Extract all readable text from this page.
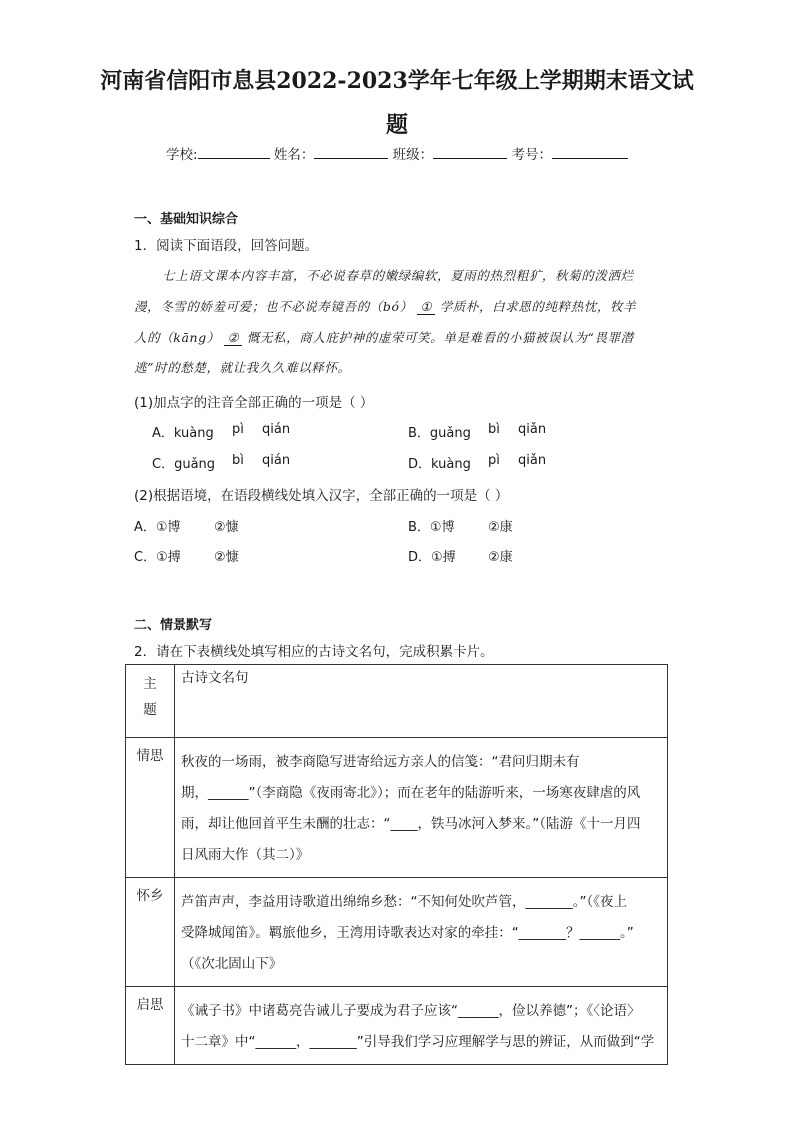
河南省信阳市息县2022-2023学年七年级上学期期末语文试
题
学校:	姓名：	班级：	考号：
一、基础知识综合
1．阅读下面语段，回答问题。
七上语文课本内容丰富，不必说春草的嫩绿编软，夏雨的热烈粗犷，秋菊的泼洒烂
漫，冬雪的娇羞可爱；也不必说寿镜吾的（bó） ① 学质朴，白求恩的纯粹热忱，牧羊
人的（kāng） ② 慨无私，商人庇护神的虚荣可笑。单是难看的小猫被误认为“畏罪潜
逃”时的愁楚，就让我久久难以释怀。
(1)加点字的注音全部正确的一项是（ ）
A．kuàng pì qián	B．guǎng bì qiǎn
C．guǎng bì qián	D．kuàng pì qiǎn
(2)根据语境，在语段横线处填入汉字，全部正确的一项是（ ）
A．①博	②慷	B．①博	②康
C．①搏	②慷	D．①搏 ②康
二、情景默写
2．请在下表横线处填写相应的古诗文名句，完成积累卡片。
主
题	古诗文名句
情思	秋夜的一场雨，被李商隐写进寄给远方亲人的信笺：“君问归期未有
期，______”（李商隐《夜雨寄北》）；而在老年的陆游听来，一场寒夜肆虐的风
雨，却让他回首平生未酬的壮志：“____，铁马冰河入梦来。”（陆游《十一月四
日风雨大作（其二）》

怀乡	芦笛声声，李益用诗歌道出绵绵乡愁：“不知何处吹芦管，_______。”（《夜上
受降城闻笛》。羁旅他乡，王湾用诗歌表达对家的牵挂：“_______？______。”
（《次北固山下》

启思	《诫子书》中诸葛亮告诫儿子要成为君子应该“______，俭以养德”；《〈论语〉
十二章》中“______，_______”引导我们学习应理解学与思的辨证，从而做到“学
